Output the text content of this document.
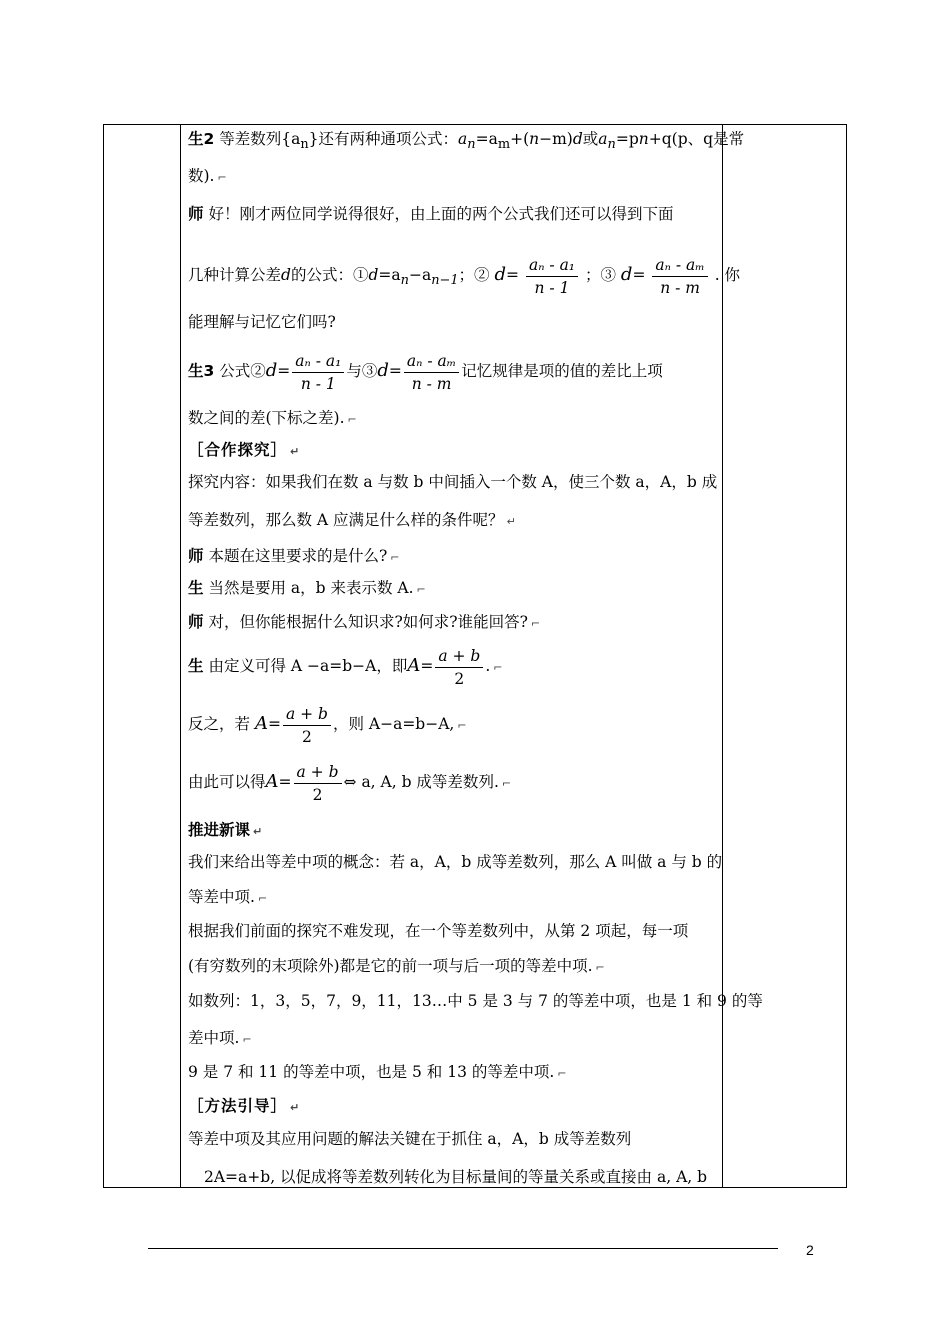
生2 等差数列$\{a_n\}$还有两种通项公式：$a_n=a_m+(n-m)d$或$a_n=pn+q(p$、q是常
数). ⌐
师 好！刚才两位同学说得很好，由上面的两个公式我们还可以得到下面
几种计算公差d的公式：$①d=a_n-a_{n-1}$；② $d= \frac{\text{aₙ - a₁}}{n - 1}$ ；③ $d= \frac{\text{aₙ - aₘ}}{n - m}$ . 你
能理解与记忆它们吗?
生3 公式②d= $\frac{\text{aₙ - a₁}}{n - 1}$ 与③d= $\frac{\text{aₙ - aₘ}}{n - m}$ 记忆规律是项的值的差比上项
数之间的差(下标之差). ⌐
［合作探究］ ↵
探究内容：如果我们在数 a 与数 b 中间插入一个数 A，使三个数 a，A，b 成
等差数列，那么数 A 应满足什么样的条件呢？ ↵
师 本题在这里要求的是什么? ⌐
生 当然是要用 a，b 来表示数 A. ⌐
师 对，但你能根据什么知识求?如何求?谁能回答? ⌐
生 由定义可得 A −a=b−A，即$A= \frac{a + b}{2}$ . ⌐
反之，若 $A= \frac{a + b}{2}$ ，则 A−a=b−A, ⌐
由此可以得$A= \frac{a + b}{2}$ ⇔ a, A, b 成等差数列. ⌐
推进新课 ↵
我们来给出等差中项的概念：若 a，A，b 成等差数列，那么 A 叫做 a 与 b 的
等差中项. ⌐
根据我们前面的探究不难发现，在一个等差数列中，从第 2 项起，每一项
(有穷数列的末项除外)都是它的前一项与后一项的等差中项. ⌐
如数列：1，3，5，7，9，11，13…中 5 是 3 与 7 的等差中项，也是 1 和 9 的等
差中项. ⌐
9 是 7 和 11 的等差中项，也是 5 和 13 的等差中项. ⌐
［方法引导］ ↵
等差中项及其应用问题的解法关键在于抓住 a，A，b 成等差数列
2A=a+b, 以促成将等差数列转化为目标量间的等量关系或直接由 a, A, b
2
